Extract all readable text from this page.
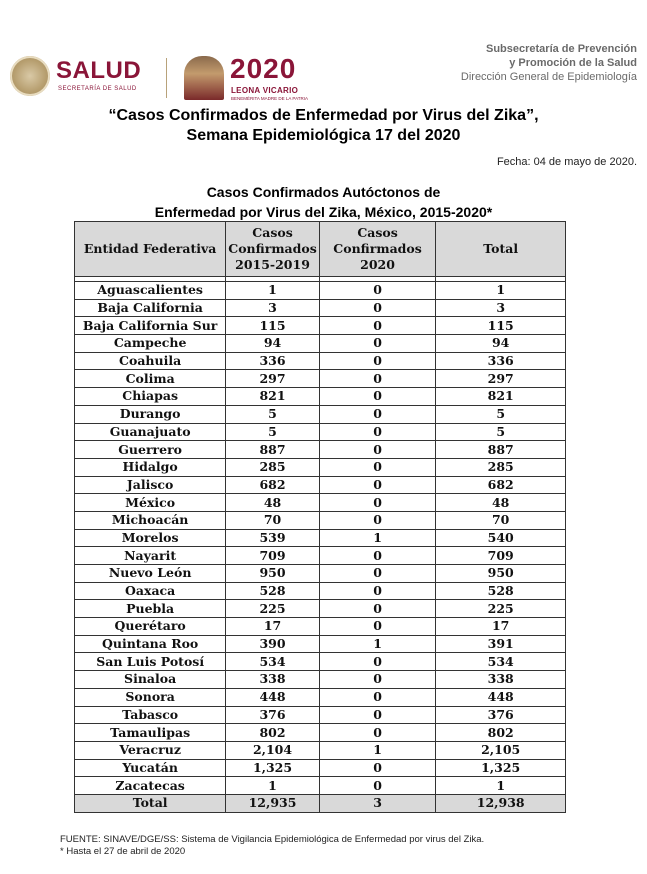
SALUD
SECRETARÍA DE SALUD
2020
LEONA VICARIO
BENEMÉRITA MADRE DE LA PATRIA
Subsecretaría de Prevención
y Promoción de la Salud
Dirección General de Epidemiología
“Casos Confirmados de Enfermedad por Virus del Zika”,
Semana Epidemiológica 17 del 2020
Fecha: 04 de mayo de 2020.
Casos Confirmados Autóctonos de
Enfermedad por Virus del Zika, México, 2015-2020*
Entidad Federativa	Casos Confirmados 2015-2019	Casos Confirmados 2020	Total

Aguascalientes	1	0	1
Baja California	3	0	3
Baja California Sur	115	0	115
Campeche	94	0	94
Coahuila	336	0	336
Colima	297	0	297
Chiapas	821	0	821
Durango	5	0	5
Guanajuato	5	0	5
Guerrero	887	0	887
Hidalgo	285	0	285
Jalisco	682	0	682
México	48	0	48
Michoacán	70	0	70
Morelos	539	1	540
Nayarit	709	0	709
Nuevo León	950	0	950
Oaxaca	528	0	528
Puebla	225	0	225
Querétaro	17	0	17
Quintana Roo	390	1	391
San Luis Potosí	534	0	534
Sinaloa	338	0	338
Sonora	448	0	448
Tabasco	376	0	376
Tamaulipas	802	0	802
Veracruz	2,104	1	2,105
Yucatán	1,325	0	1,325
Zacatecas	1	0	1
Total	12,935	3	12,938
FUENTE: SINAVE/DGE/SS: Sistema de Vigilancia Epidemiológica de Enfermedad por virus del Zika.
* Hasta el 27 de abril de 2020
